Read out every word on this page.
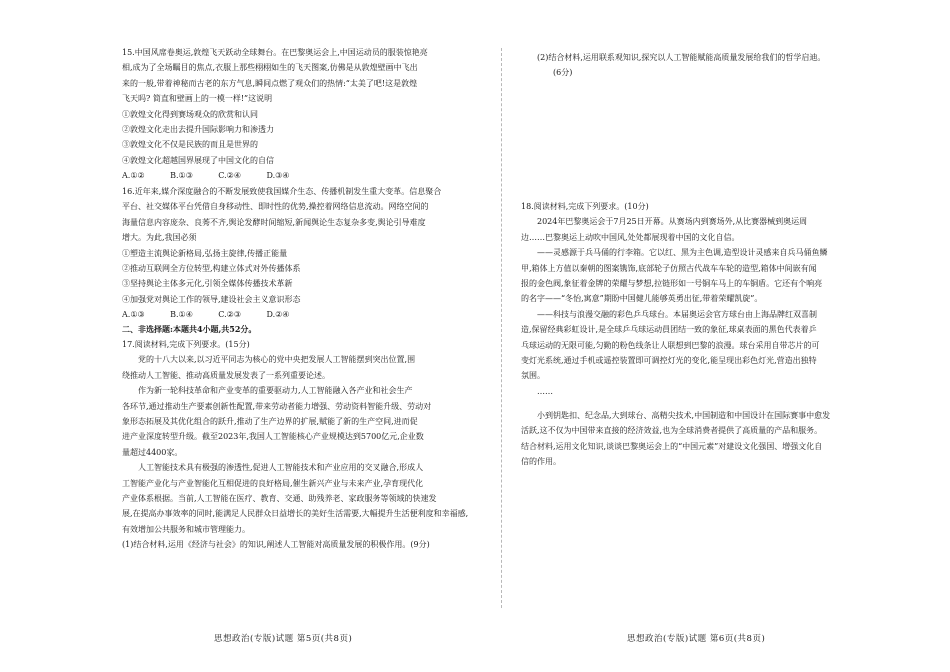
15.中国风席卷奥运,敦煌飞天跃动全球舞台。在巴黎奥运会上,中国运动员的服装惊艳亮
相,成为了全场瞩目的焦点,衣服上那些栩栩如生的飞天图案,仿佛是从敦煌壁画中飞出
来的一般,带着神秘而古老的东方气息,瞬间点燃了观众们的热情:“太美了吧!这是敦煌
飞天吗? 简直和壁画上的一模一样!”这说明
①敦煌文化得到赛场观众的欣赏和认同
②敦煌文化走出去提升国际影响力和渗透力
③敦煌文化不仅是民族的而且是世界的
④敦煌文化超越国界展现了中国文化的自信
A.①②          B.①③          C.②④          D.③④
16.近年来,媒介深度融合的不断发展致使我国媒介生态、传播机制发生重大变革。信息聚合
平台、社交媒体平台凭借自身移动性、即时性的优势,操控着网络信息流动。网络空间的
海量信息内容庞杂、良莠不齐,舆论发酵时间缩短,新闻舆论生态复杂多变,舆论引导难度
增大。为此,我国必须
①塑造主流舆论新格局,弘扬主旋律,传播正能量
②推动互联网全方位转型,构建立体式对外传播体系
③坚持舆论主体多元化,引领全媒体传播技术革新
④加强党对舆论工作的领导,建设社会主义意识形态
A.①③          B.①④          C.②③          D.②④
二、非选择题:本题共4小题,共52分。
17.阅读材料,完成下列要求。(15分)
党的十八大以来,以习近平同志为核心的党中央把发展人工智能摆到突出位置,围
绕推动人工智能、推动高质量发展发表了一系列重要论述。
作为新一轮科技革命和产业变革的重要驱动力,人工智能融入各产业和社会生产
各环节,通过推动生产要素创新性配置,带来劳动者能力增强、劳动资料智能升级、劳动对
象形态拓展及其优化组合的跃升,推动了生产边界的扩展,赋能了新的生产空间,进而促
进产业深度转型升级。截至2023年,我国人工智能核心产业规模达到5700亿元,企业数
量超过4400家。
人工智能技术具有极强的渗透性,促进人工智能技术和产业应用的交叉融合,形成人
工智能产业化与产业智能化互相促进的良好格局,催生新兴产业与未来产业,孕育现代化
产业体系根据。当前,人工智能在医疗、教育、交通、助残养老、家政服务等领域的快速发
展,在提高办事效率的同时,能满足人民群众日益增长的美好生活需要,大幅提升生活便利度和幸福感,
有效增加公共服务和城市管理能力。
(1)结合材料,运用《经济与社会》的知识,阐述人工智能对高质量发展的积极作用。(9分)
思想政治(专版)试题 第5页(共8页)
(2)结合材料,运用联系观知识,探究以人工智能赋能高质量发展给我们的哲学启迪。
(6分)
18.阅读材料,完成下列要求。(10分)
2024年巴黎奥运会于7月25日开幕。从赛场内到赛场外,从比赛器械到奥运周
边……巴黎奥运上动吹中国风,处处都展现着中国的文化自信。
——灵感源于兵马俑的行李箱。它以红、黑为主色调,造型设计灵感来自兵马俑鱼鳞
甲,箱体上方值以秦朝的图案镌饰,底部轮子仿照古代战车车轮的造型,箱体中间嵌有闻
报的金色阀,象征着金牌的荣耀与梦想,拉链形如一号铜车马上的车铜盾。它还有个响亮
的名字——“冬怡,寓意”期盼中国健儿能够英勇出征,带着荣耀凯旋”。
——科技与浪漫交融的彩色乒乓球台。本届奥运会官方球台由上海品牌红双喜制
造,保留经典彩虹设计,是全球乒乓球运动員团结一致的象征,球桌表面的黑色代表着乒
乓球运动的无限可能,匀勤的粉色线条让人联想到巴黎的浪漫。球台采用自带芯片的可
变灯光系统,通过手机或遥控装置即可调控灯光的变化,能呈现出彩色灯光,营造出独特
氛围。
……
小到钥匙扣、纪念品,大到球台、高精尖技术,中国制造和中国设计在国际赛事中愈发
活跃,这不仅为中国带来直接的经济效益,也为全球消费者提供了高质量的产品和服务。
结合材料,运用文化知识,谈谈巴黎奥运会上的“中国元素”对建设文化强国、增强文化自
信的作用。
思想政治(专版)试题 第6页(共8页)
